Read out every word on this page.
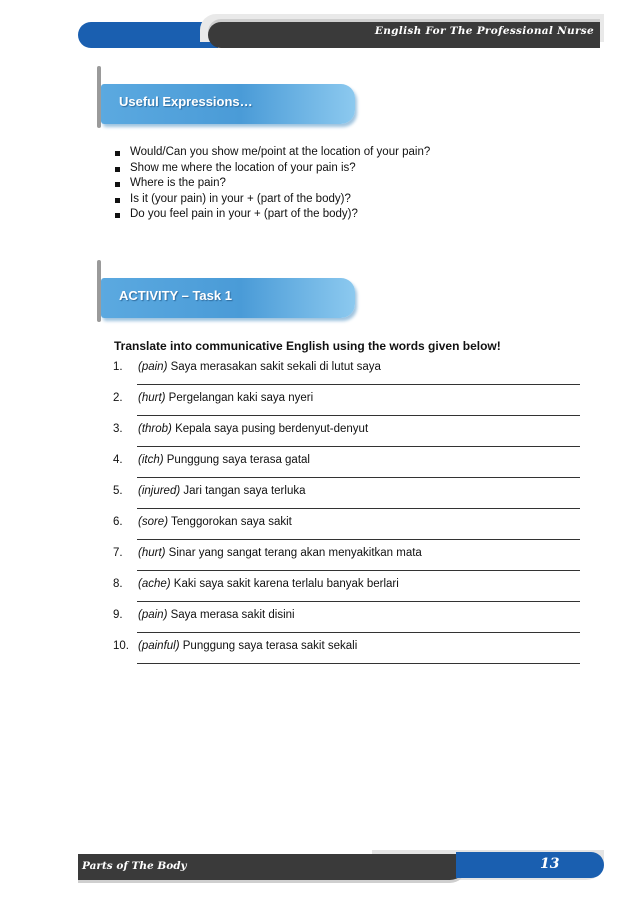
English For The Professional Nurse
Useful Expressions…
Would/Can you show me/point at the location of your pain?
Show me where the location of your pain is?
Where is the pain?
Is it (your pain) in your + (part of the body)?
Do you feel pain in your + (part of the body)?
ACTIVITY – Task 1
Translate into communicative English using the words given below!
1. (pain) Saya merasakan sakit sekali di lutut saya
2. (hurt) Pergelangan kaki saya nyeri
3. (throb) Kepala saya pusing berdenyut-denyut
4. (itch) Punggung saya terasa gatal
5. (injured) Jari tangan saya terluka
6. (sore) Tenggorokan saya sakit
7. (hurt) Sinar yang sangat terang akan menyakitkan mata
8. (ache) Kaki saya sakit karena terlalu banyak berlari
9. (pain) Saya merasa sakit disini
10. (painful) Punggung saya terasa sakit sekali
Parts of The Body	13
